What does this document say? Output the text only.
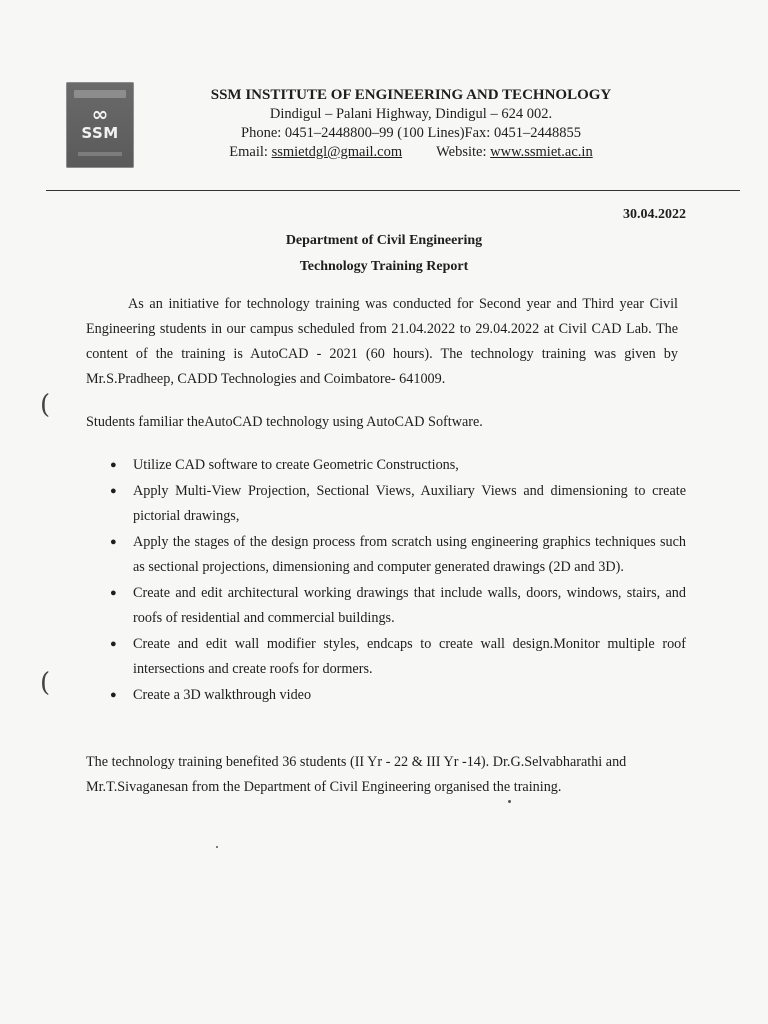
∞
SSM
SSM INSTITUTE OF ENGINEERING AND TECHNOLOGY
Dindigul – Palani Highway, Dindigul – 624 002.
Phone: 0451–2448800–99 (100 Lines)Fax: 0451–2448855
Email: ssmietdgl@gmail.com Website: www.ssmiet.ac.in
30.04.2022
Department of Civil Engineering
Technology Training Report
As an initiative for technology training was conducted for Second year and Third year Civil Engineering students in our campus scheduled from 21.04.2022 to 29.04.2022 at Civil CAD Lab. The content of the training is AutoCAD - 2021 (60 hours). The technology training was given by Mr.S.Pradheep, CADD Technologies and Coimbatore- 641009.
Students familiar theAutoCAD technology using AutoCAD Software.
● Utilize CAD software to create Geometric Constructions,
● Apply Multi-View Projection, Sectional Views, Auxiliary Views and dimensioning to create pictorial drawings,
● Apply the stages of the design process from scratch using engineering graphics techniques such as sectional projections, dimensioning and computer generated drawings (2D and 3D).
● Create and edit architectural working drawings that include walls, doors, windows, stairs, and roofs of residential and commercial buildings.
● Create and edit wall modifier styles, endcaps to create wall design.Monitor multiple roof intersections and create roofs for dormers.
● Create a 3D walkthrough video
The technology training benefited 36 students (II Yr - 22 & III Yr -14). Dr.G.Selvabharathi and Mr.T.Sivaganesan from the Department of Civil Engineering organised the training.
(
(
